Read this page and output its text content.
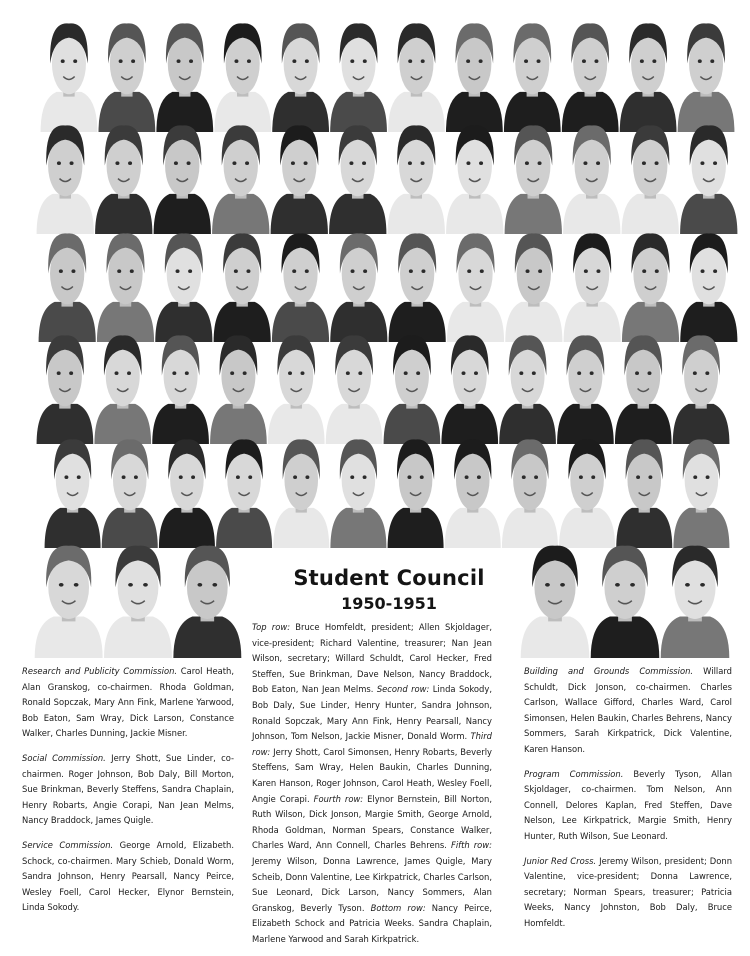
Student Council
1950-1951

Research and Publicity Commission. Carol Heath, Alan Granskog, co-chairmen. Rhoda Goldman, Ronald Sopczak, Mary Ann Fink, Marlene Yarwood, Bob Eaton, Sam Wray, Dick Larson, Constance Walker, Charles Dunning, Jackie Misner.

Social Commission. Jerry Shott, Sue Linder, co-chairmen. Roger Johnson, Bob Daly, Bill Morton, Sue Brinkman, Beverly Steffens, Sandra Chaplain, Henry Robarts, Angie Corapi, Nan Jean Melms, Nancy Braddock, James Quigle.

Service Commission. George Arnold, Elizabeth. Schock, co-chairmen. Mary Schieb, Donald Worm, Sandra Johnson, Henry Pearsall, Nancy Peirce, Wesley Foell, Carol Hecker, Elynor Bernstein, Linda Sokody.

Top row: Bruce Homfeldt, president; Allen Skjoldager, vice-president; Richard Valentine, treasurer; Nan Jean Wilson, secretary; Willard Schuldt, Carol Hecker, Fred Steffen, Sue Brinkman, Dave Nelson, Nancy Braddock, Bob Eaton, Nan Jean Melms. Second row: Linda Sokody, Bob Daly, Sue Linder, Henry Hunter, Sandra Johnson, Ronald Sopczak, Mary Ann Fink, Henry Pearsall, Nancy Johnson, Tom Nelson, Jackie Misner, Donald Worm. Third row: Jerry Shott, Carol Simonsen, Henry Robarts, Beverly Steffens, Sam Wray, Helen Baukin, Charles Dunning, Karen Hanson, Roger Johnson, Carol Heath, Wesley Foell, Angie Corapi. Fourth row: Elynor Bernstein, Bill Norton, Ruth Wilson, Dick Jonson, Margie Smith, George Arnold, Rhoda Goldman, Norman Spears, Constance Walker, Charles Ward, Ann Connell, Charles Behrens. Fifth row: Jeremy Wilson, Donna Lawrence, James Quigle, Mary Scheib, Donn Valentine, Lee Kirkpatrick, Charles Carlson, Sue Leonard, Dick Larson, Nancy Sommers, Alan Granskog, Beverly Tyson. Bottom row: Nancy Peirce, Elizabeth Schock and Patricia Weeks. Sandra Chaplain, Marlene Yarwood and Sarah Kirkpatrick.

Building and Grounds Commission. Willard Schuldt, Dick Jonson, co-chairmen. Charles Carlson, Wallace Gifford, Charles Ward, Carol Simonsen, Helen Baukin, Charles Behrens, Nancy Sommers, Sarah Kirkpatrick, Dick Valentine, Karen Hanson.

Program Commission. Beverly Tyson, Allan Skjoldager, co-chairmen. Tom Nelson, Ann Connell, Delores Kaplan, Fred Steffen, Dave Nelson, Lee Kirkpatrick, Margie Smith, Henry Hunter, Ruth Wilson, Sue Leonard.

Junior Red Cross. Jeremy Wilson, president; Donn Valentine, vice-president; Donna Lawrence, secretary; Norman Spears, treasurer; Patricia Weeks, Nancy Johnston, Bob Daly, Bruce Homfeldt.
